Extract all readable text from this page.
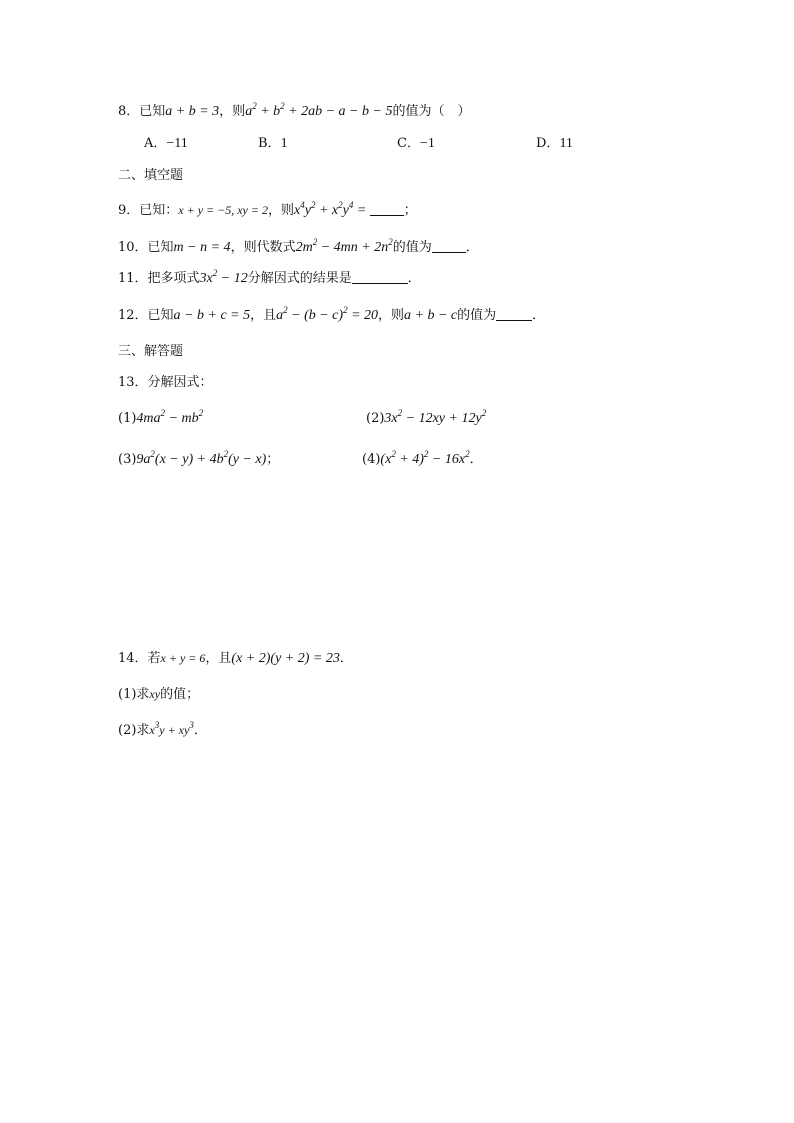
8．已知a + b = 3，则$a^2 + b^2 + 2ab - a - b - 5$的值为（　）
A．−11	B．1	C．−1	D．11
二、填空题
9．已知：x + y = −5, xy = 2，则$x^4y^2 + x^2y^4$ =	；
10．已知m − n = 4，则代数式$2m^2 - 4mn + 2n^2$的值为	．
11．把多项式$3x^2 - 12$分解因式的结果是	．
12．已知a − b + c = 5，且$a^2 - (b - c)^2 = 20$，则a + b − c的值为	．
三、解答题
13．分解因式：
$(1)4ma^2 - mb^2$	$(2)3x^2 - 12xy + 12y^2$
$(3)9a^2(x - y) + 4b^2(y - x)$；	$(4)(x^2 + 4)^2 - 16x^2$．
14．若x + y = 6，且(x + 2)(y + 2) = 23．
(1)求xy的值；
(2)求$x^3y + xy^3$．
